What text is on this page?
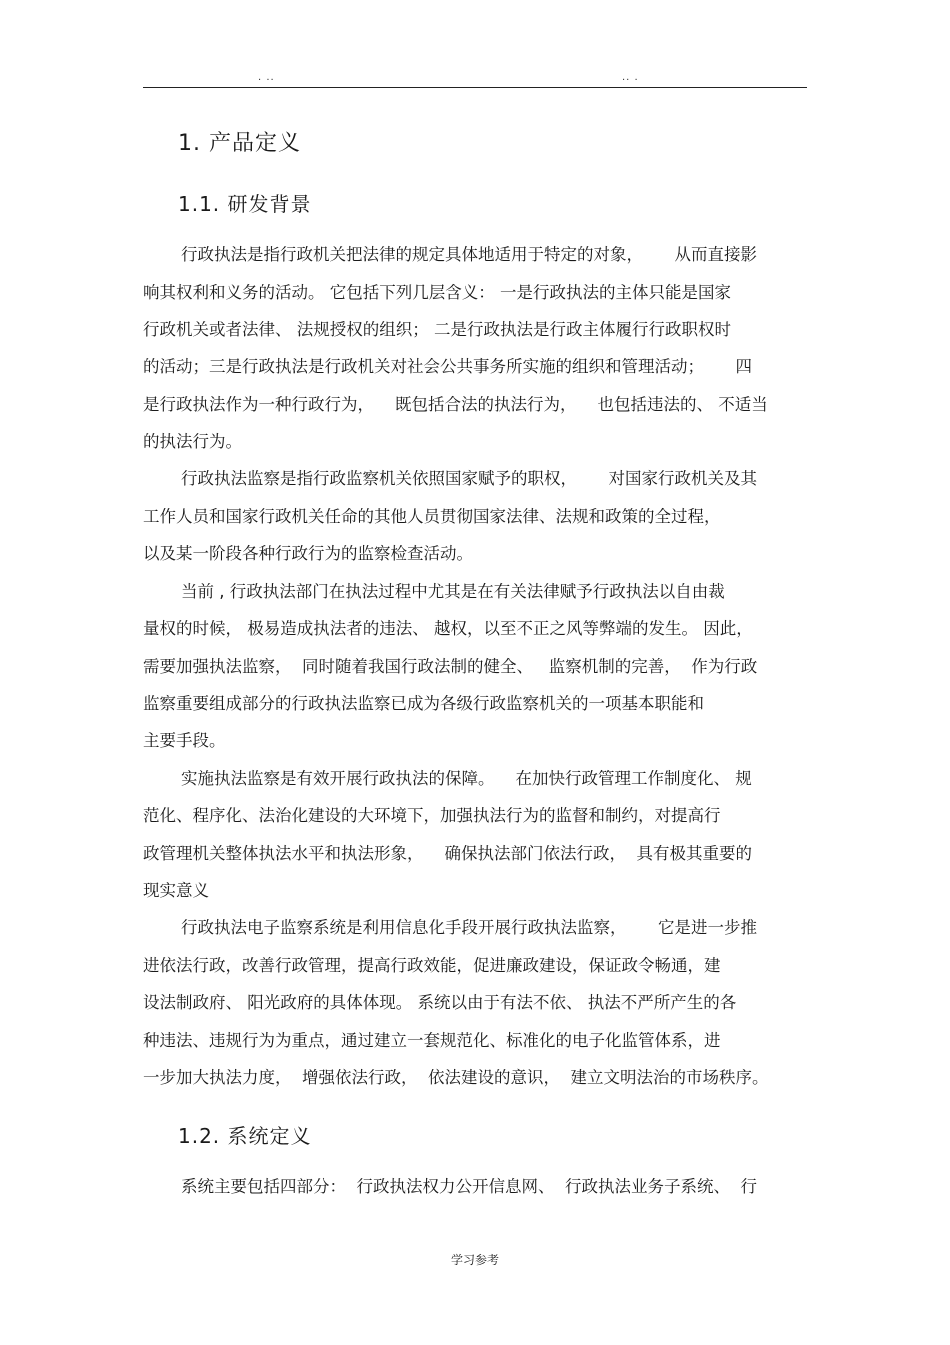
. ..	.. .
1. 产品定义
1.1. 研发背景
行政执法是指行政机关把法律的规定具体地适用于特定的对象，      从而直接影
响其权利和义务的活动。 它包括下列几层含义： 一是行政执法的主体只能是国家
行政机关或者法律、 法规授权的组织； 二是行政执法是行政主体履行行政职权时
的活动；三是行政执法是行政机关对社会公共事务所实施的组织和管理活动；      四
是行政执法作为一种行政行为，    既包括合法的执法行为，    也包括违法的、 不适当
的执法行为。
行政执法监察是指行政监察机关依照国家赋予的职权，      对国家行政机关及其
工作人员和国家行政机关任命的其他人员贯彻国家法律、法规和政策的全过程，
以及某一阶段各种行政行为的监察检查活动。
当前 , 行政执法部门在执法过程中尤其是在有关法律赋予行政执法以自由裁
量权的时候， 极易造成执法者的违法、 越权，以至不正之风等弊端的发生。 因此，
需要加强执法监察，  同时随着我国行政法制的健全、   监察机制的完善，  作为行政
监察重要组成部分的行政执法监察已成为各级行政监察机关的一项基本职能和
主要手段。
实施执法监察是有效开展行政执法的保障。    在加快行政管理工作制度化、 规
范化、程序化、法治化建设的大环境下，加强执法行为的监督和制约，对提高行
政管理机关整体执法水平和执法形象，    确保执法部门依法行政，  具有极其重要的
现实意义
行政执法电子监察系统是利用信息化手段开展行政执法监察，      它是进一步推
进依法行政，改善行政管理，提高行政效能，促进廉政建设，保证政令畅通，建
设法制政府、 阳光政府的具体体现。 系统以由于有法不依、 执法不严所产生的各
种违法、违规行为为重点，通过建立一套规范化、标准化的电子化监管体系，进
一步加大执法力度，  增强依法行政，  依法建设的意识，  建立文明法治的市场秩序。
1.2. 系统定义
系统主要包括四部分：  行政执法权力公开信息网、  行政执法业务子系统、  行
学习参考
